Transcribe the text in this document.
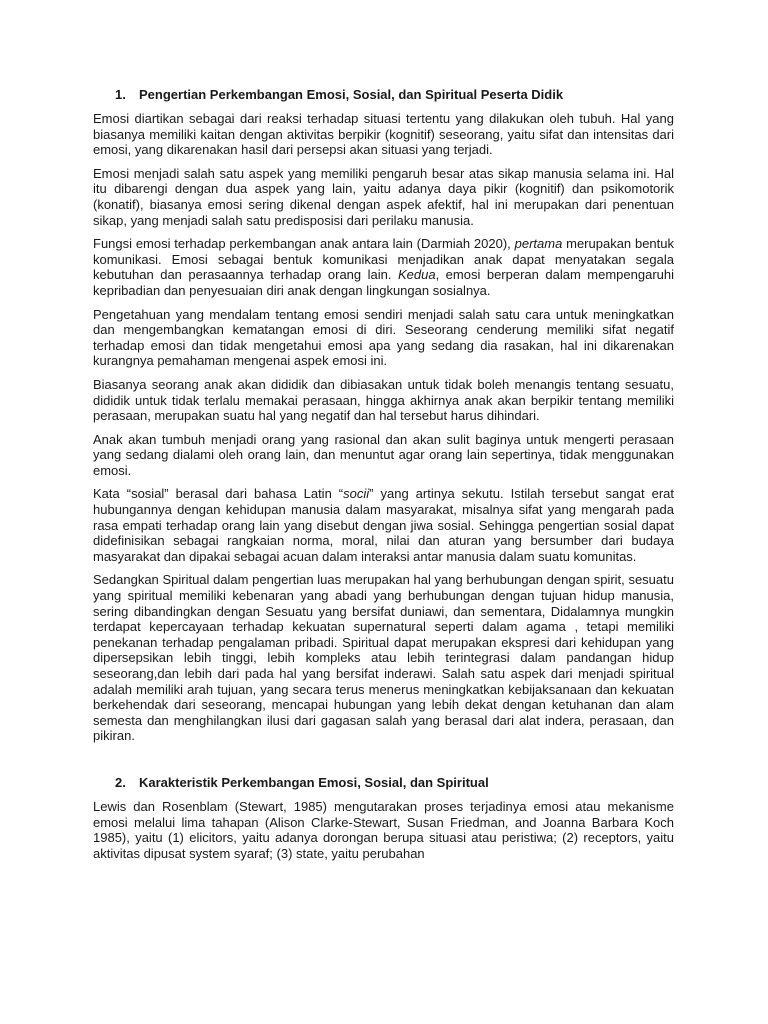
1.	Pengertian Perkembangan Emosi, Sosial, dan Spiritual Peserta Didik

Emosi diartikan sebagai dari reaksi terhadap situasi tertentu yang dilakukan oleh tubuh. Hal yang biasanya memiliki kaitan dengan aktivitas berpikir (kognitif) seseorang, yaitu sifat dan intensitas dari emosi, yang dikarenakan hasil dari persepsi akan situasi yang terjadi.

Emosi menjadi salah satu aspek yang memiliki pengaruh besar atas sikap manusia selama ini. Hal itu dibarengi dengan dua aspek yang lain, yaitu adanya daya pikir (kognitif) dan psikomotorik (konatif), biasanya emosi sering dikenal dengan aspek afektif, hal ini merupakan dari penentuan sikap, yang menjadi salah satu predisposisi dari perilaku manusia.

Fungsi emosi terhadap perkembangan anak antara lain (Darmiah 2020), pertama merupakan bentuk komunikasi. Emosi sebagai bentuk komunikasi menjadikan anak dapat menyatakan segala kebutuhan dan perasaannya terhadap orang lain. Kedua, emosi berperan dalam mempengaruhi kepribadian dan penyesuaian diri anak dengan lingkungan sosialnya.

Pengetahuan yang mendalam tentang emosi sendiri menjadi salah satu cara untuk meningkatkan dan mengembangkan kematangan emosi di diri. Seseorang cenderung memiliki sifat negatif terhadap emosi dan tidak mengetahui emosi apa yang sedang dia rasakan, hal ini dikarenakan kurangnya pemahaman mengenai aspek emosi ini.

Biasanya seorang anak akan dididik dan dibiasakan untuk tidak boleh menangis tentang sesuatu, dididik untuk tidak terlalu memakai perasaan, hingga akhirnya anak akan berpikir tentang memiliki perasaan, merupakan suatu hal yang negatif dan hal tersebut harus dihindari.

Anak akan tumbuh menjadi orang yang rasional dan akan sulit baginya untuk mengerti perasaan yang sedang dialami oleh orang lain, dan menuntut agar orang lain sepertinya, tidak menggunakan emosi.

Kata “sosial” berasal dari bahasa Latin “socii” yang artinya sekutu. Istilah tersebut sangat erat hubungannya dengan kehidupan manusia dalam masyarakat, misalnya sifat yang mengarah pada rasa empati terhadap orang lain yang disebut dengan jiwa sosial. Sehingga pengertian sosial dapat didefinisikan sebagai rangkaian norma, moral, nilai dan aturan yang bersumber dari budaya masyarakat dan dipakai sebagai acuan dalam interaksi antar manusia dalam suatu komunitas.

Sedangkan Spiritual dalam pengertian luas merupakan hal yang berhubungan dengan spirit, sesuatu yang spiritual memiliki kebenaran yang abadi yang berhubungan dengan tujuan hidup manusia, sering dibandingkan dengan Sesuatu yang bersifat duniawi, dan sementara, Didalamnya mungkin terdapat kepercayaan terhadap kekuatan supernatural seperti dalam agama , tetapi memiliki penekanan terhadap pengalaman pribadi. Spiritual dapat merupakan ekspresi dari kehidupan yang dipersepsikan lebih tinggi, lebih kompleks atau lebih terintegrasi dalam pandangan hidup seseorang,dan lebih dari pada hal yang bersifat inderawi. Salah satu aspek dari menjadi spiritual adalah memiliki arah tujuan, yang secara terus menerus meningkatkan kebijaksanaan dan kekuatan berkehendak dari seseorang, mencapai hubungan yang lebih dekat dengan ketuhanan dan alam semesta dan menghilangkan ilusi dari gagasan salah yang berasal dari alat indera, perasaan, dan pikiran.

2.	Karakteristik Perkembangan Emosi, Sosial, dan Spiritual

Lewis dan Rosenblam (Stewart, 1985) mengutarakan proses terjadinya emosi atau mekanisme emosi melalui lima tahapan (Alison Clarke-Stewart, Susan Friedman, and Joanna Barbara Koch 1985), yaitu (1) elicitors, yaitu adanya dorongan berupa situasi atau peristiwa; (2) receptors, yaitu aktivitas dipusat system syaraf; (3) state, yaitu perubahan
